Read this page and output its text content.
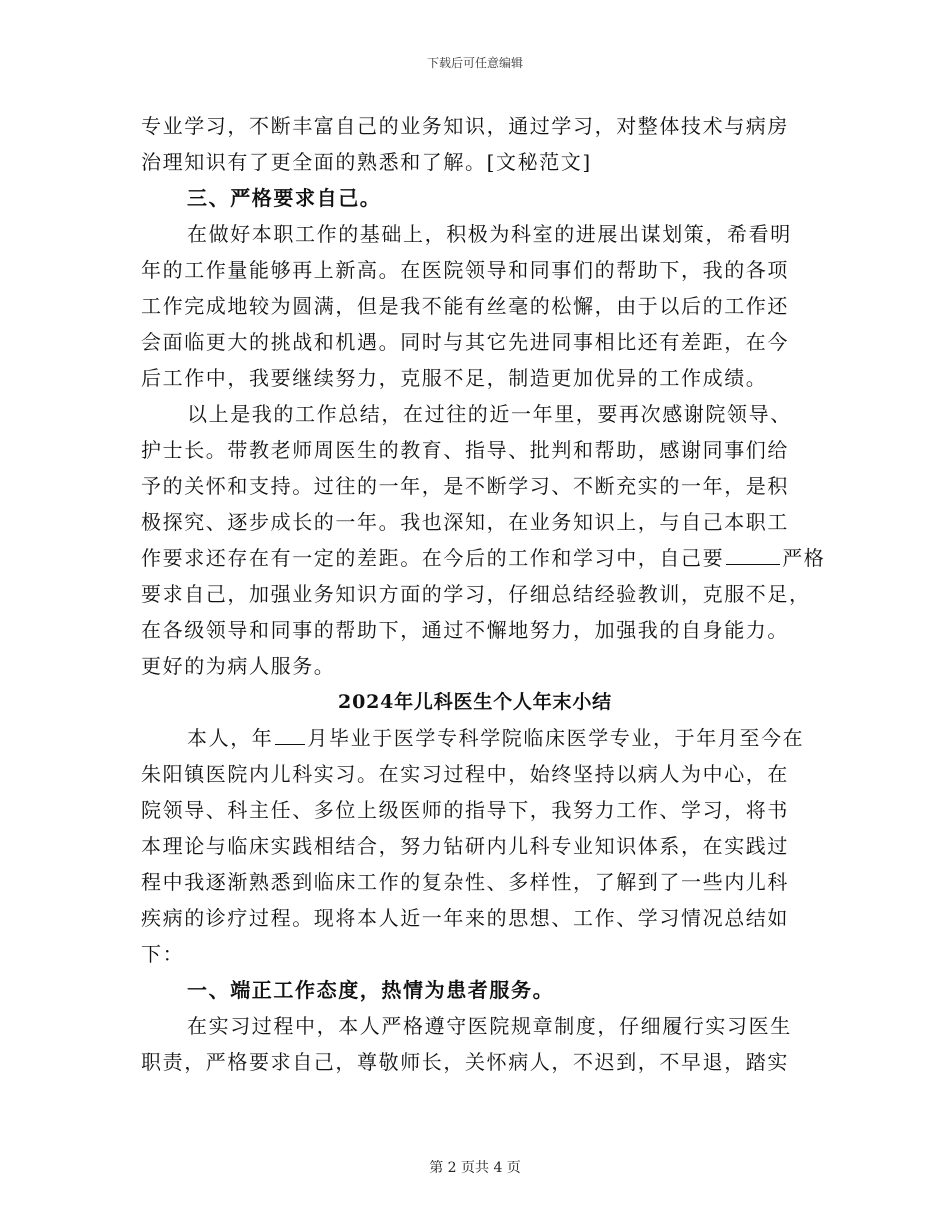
下载后可任意编辑
专业学习，不断丰富自己的业务知识，通过学习，对整体技术与病房
治理知识有了更全面的熟悉和了解。[文秘范文]
三、严格要求自己。
在做好本职工作的基础上，积极为科室的进展出谋划策，希看明
年的工作量能够再上新高。在医院领导和同事们的帮助下，我的各项
工作完成地较为圆满，但是我不能有丝毫的松懈，由于以后的工作还
会面临更大的挑战和机遇。同时与其它先进同事相比还有差距，在今
后工作中，我要继续努力，克服不足，制造更加优异的工作成绩。
以上是我的工作总结，在过往的近一年里，要再次感谢院领导、
护士长。带教老师周医生的教育、指导、批判和帮助，感谢同事们给
予的关怀和支持。过往的一年，是不断学习、不断充实的一年，是积
极探究、逐步成长的一年。我也深知，在业务知识上，与自己本职工
作要求还存在有一定的差距。在今后的工作和学习中，自己要	严格
要求自己，加强业务知识方面的学习，仔细总结经验教训，克服不足，
在各级领导和同事的帮助下，通过不懈地努力，加强我的自身能力。
更好的为病人服务。
2024年儿科医生个人年末小结
本人，年 月毕业于医学专科学院临床医学专业，于年月至今在
朱阳镇医院内儿科实习。在实习过程中，始终坚持以病人为中心，在
院领导、科主任、多位上级医师的指导下，我努力工作、学习，将书
本理论与临床实践相结合，努力钻研内儿科专业知识体系，在实践过
程中我逐渐熟悉到临床工作的复杂性、多样性，了解到了一些内儿科
疾病的诊疗过程。现将本人近一年来的思想、工作、学习情况总结如
下：
一、端正工作态度，热情为患者服务。
在实习过程中，本人严格遵守医院规章制度，仔细履行实习医生
职责，严格要求自己，尊敬师长，关怀病人，不迟到，不早退，踏实
第 2 页共 4 页
